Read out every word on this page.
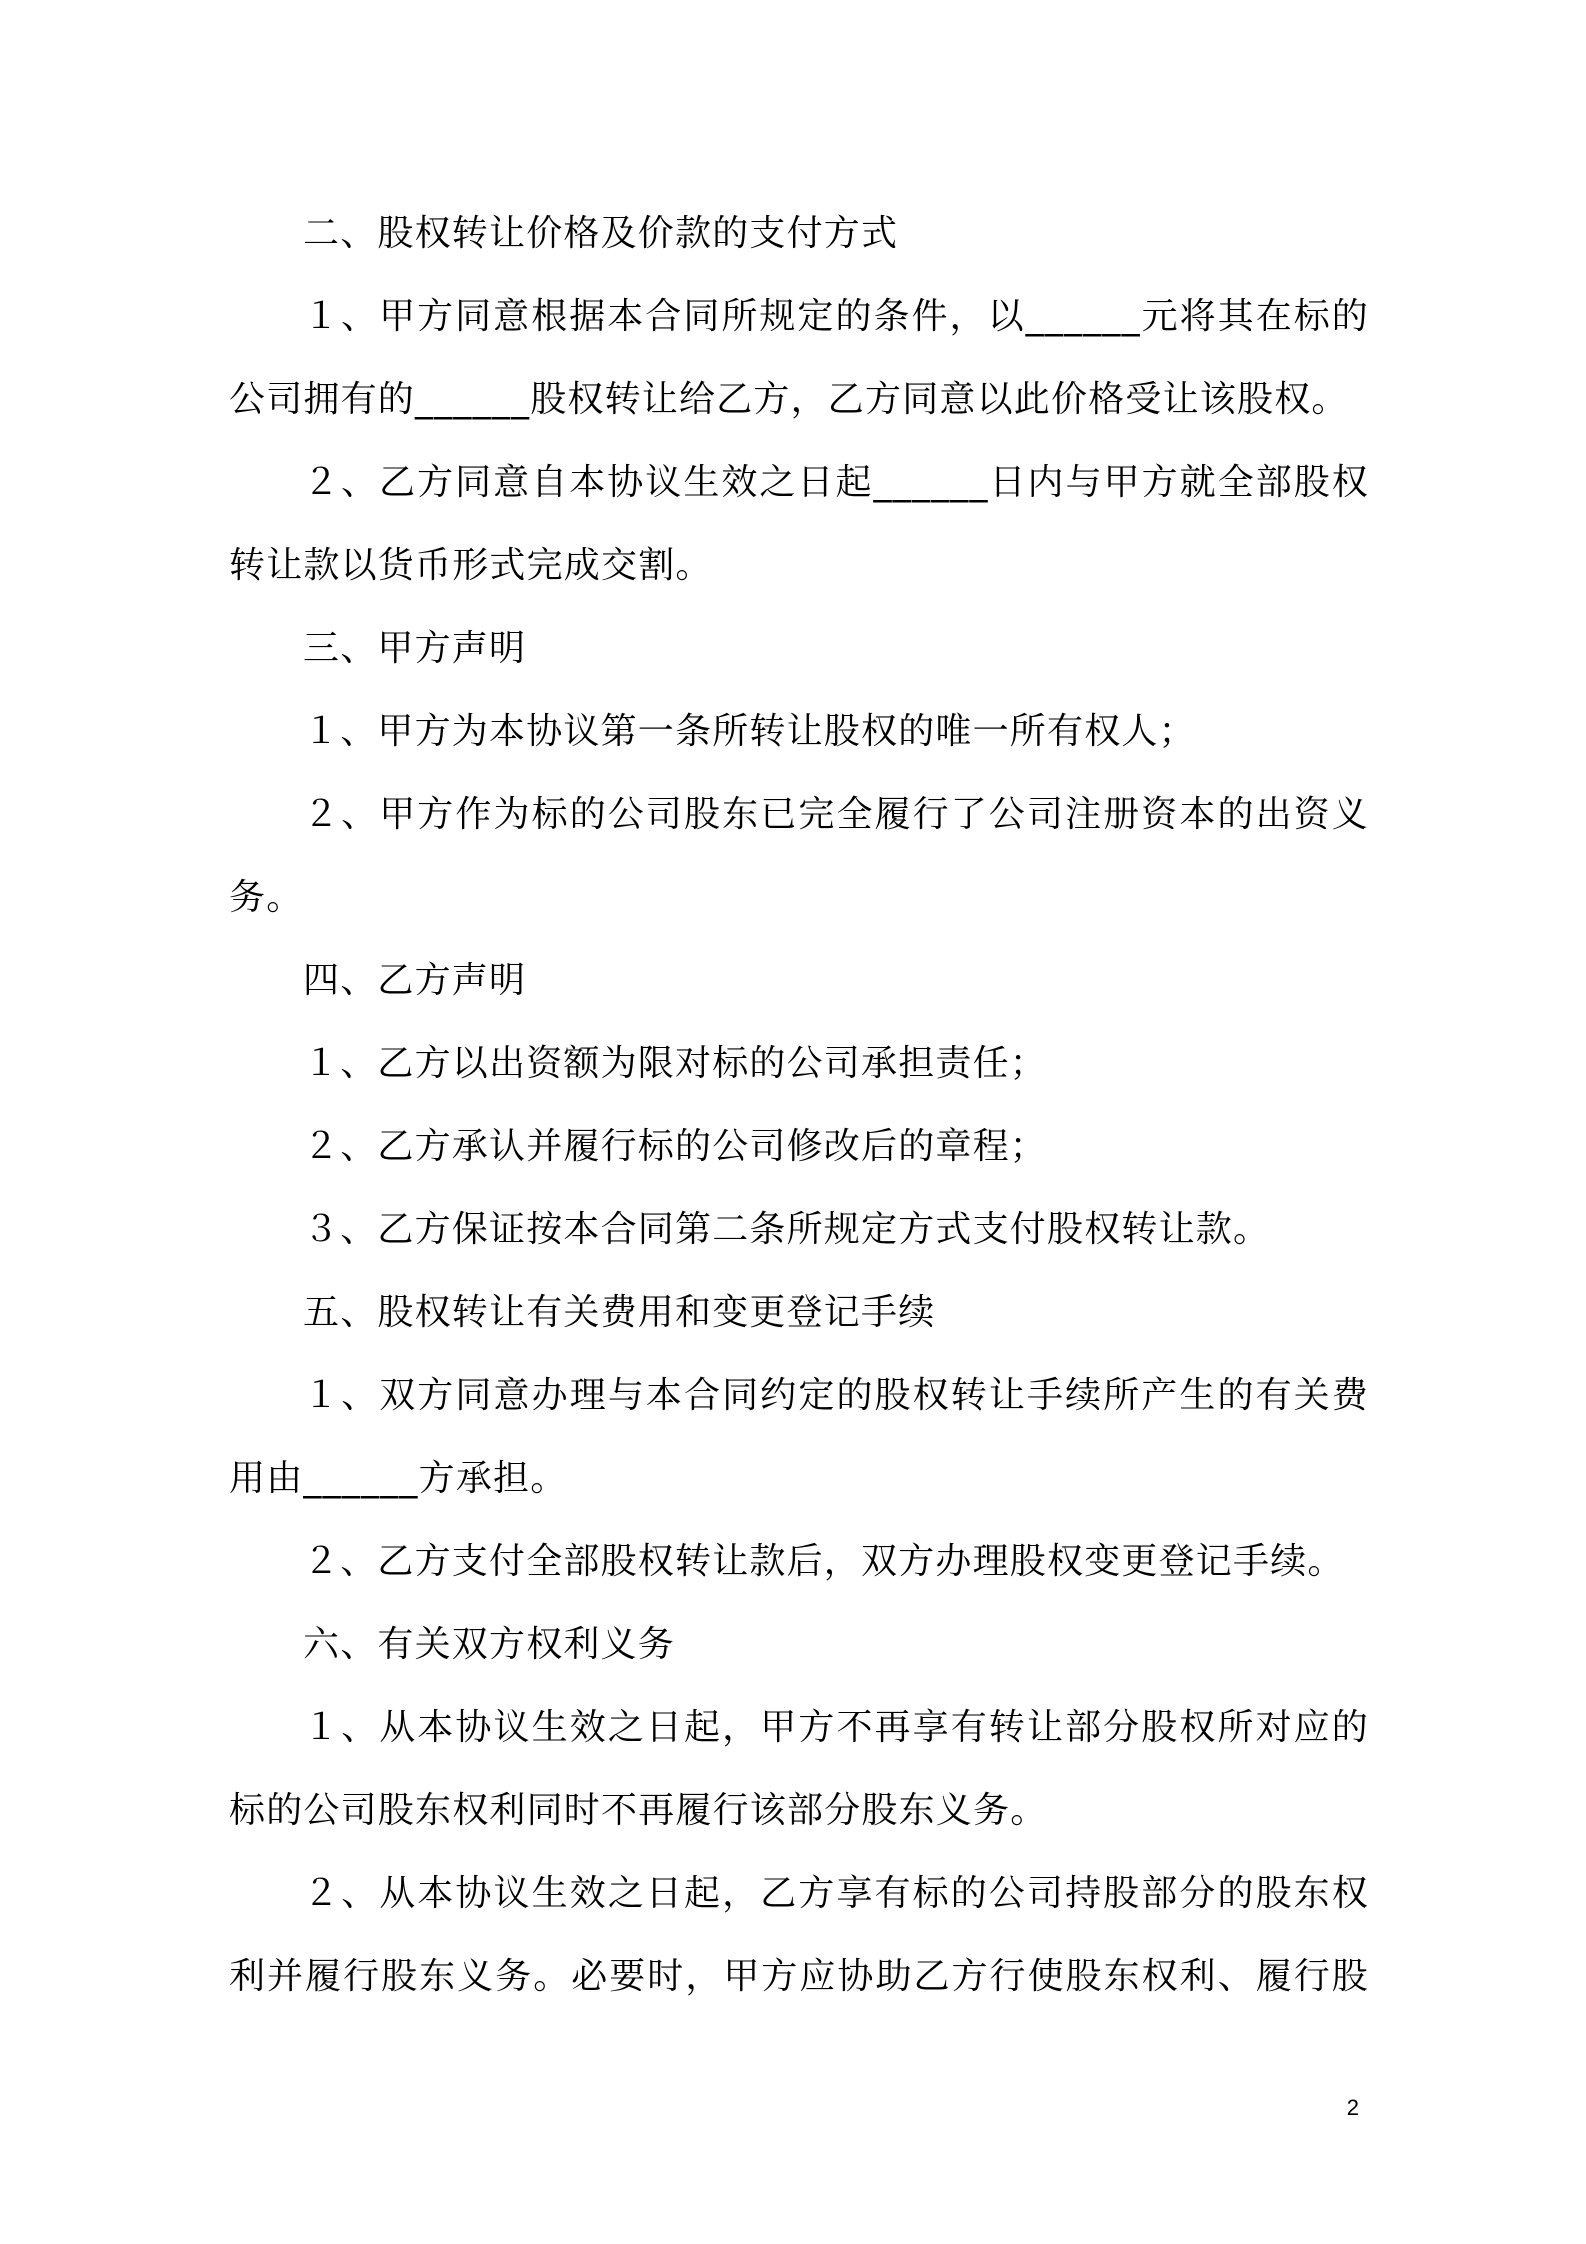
二、股权转让价格及价款的支付方式

１、甲方同意根据本合同所规定的条件，以______元将其在标的

公司拥有的______股权转让给乙方，乙方同意以此价格受让该股权。

２、乙方同意自本协议生效之日起______日内与甲方就全部股权

转让款以货币形式完成交割。

三、甲方声明

１、甲方为本协议第一条所转让股权的唯一所有权人；

２、甲方作为标的公司股东已完全履行了公司注册资本的出资义

务。

四、乙方声明

１、乙方以出资额为限对标的公司承担责任；

２、乙方承认并履行标的公司修改后的章程；

３、乙方保证按本合同第二条所规定方式支付股权转让款。

五、股权转让有关费用和变更登记手续

１、双方同意办理与本合同约定的股权转让手续所产生的有关费

用由______方承担。

２、乙方支付全部股权转让款后，双方办理股权变更登记手续。

六、有关双方权利义务

１、从本协议生效之日起，甲方不再享有转让部分股权所对应的

标的公司股东权利同时不再履行该部分股东义务。

２、从本协议生效之日起，乙方享有标的公司持股部分的股东权

利并履行股东义务。必要时，甲方应协助乙方行使股东权利、履行股

2
